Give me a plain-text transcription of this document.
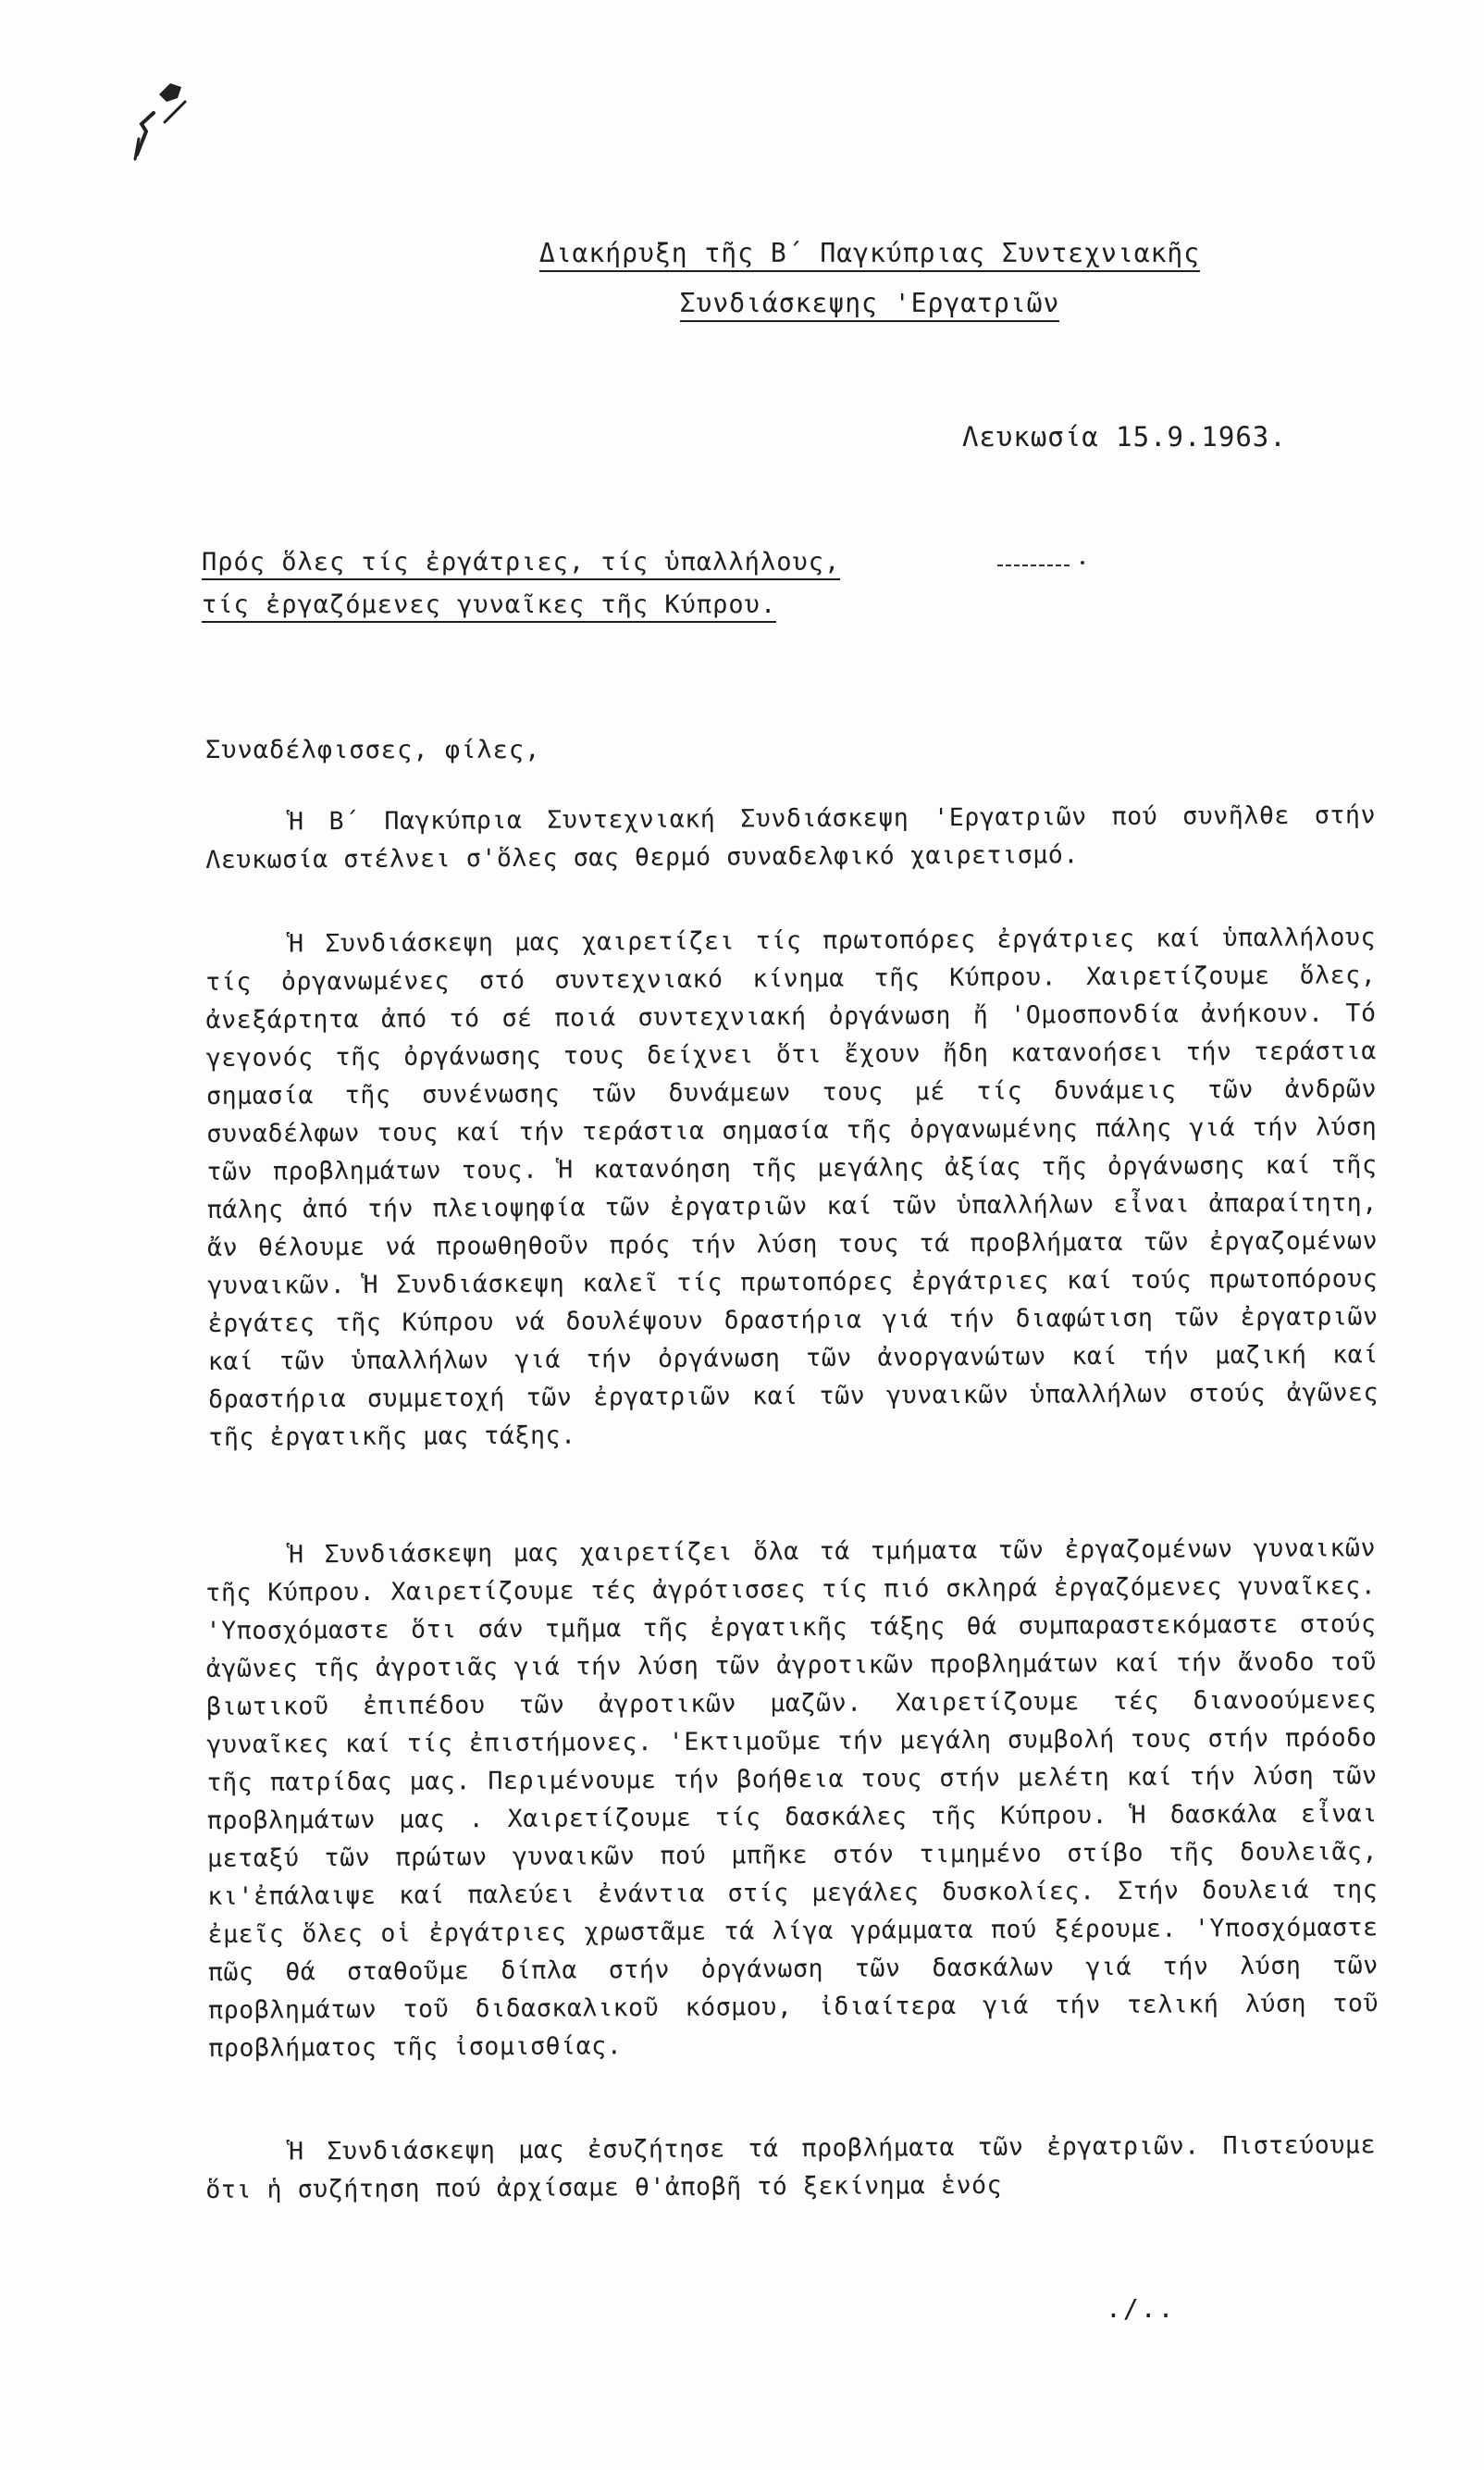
Διακήρυξη τῆς Β΄ Παγκύπριας Συντεχνιακῆς
Συνδιάσκεψης 'Εργατριῶν
Λευκωσία 15.9.1963.
Πρός ὅλες τίς ἐργάτριες, τίς ὑπαλλήλους,
τίς ἐργαζόμενες γυναῖκες τῆς Κύπρου.
Συναδέλφισσες, φίλες,
Ἡ Β΄ Παγκύπρια Συντεχνιακή Συνδιάσκεψη 'Εργατριῶν πού συνῆλθε στήν Λευκωσία στέλνει σ'ὅλες σας θερμό συναδελφικό χαιρετισμό.
Ἡ Συνδιάσκεψη μας χαιρετίζει τίς πρωτοπόρες ἐργάτριες καί ὑπαλλήλους τίς ὀργανωμένες στό συντεχνιακό κίνημα τῆς Κύπρου. Χαιρετίζουμε ὅλες, ἀνεξάρτητα ἀπό τό σέ ποιά συντεχνιακή ὀργάνωση ἤ 'Ομοσπονδία ἀνήκουν. Τό γεγονός τῆς ὀργάνωσης τους δείχνει ὅτι ἔχουν ἤδη κατανοήσει τήν τεράστια σημασία τῆς συνένωσης τῶν δυνάμεων τους μέ τίς δυνάμεις τῶν ἀνδρῶν συναδέλφων τους καί τήν τεράστια σημασία τῆς ὀργανωμένης πάλης γιά τήν λύση τῶν προβλημάτων τους. Ἡ κατανόηση τῆς μεγάλης ἀξίας τῆς ὀργάνωσης καί τῆς πάλης ἀπό τήν πλειοψηφία τῶν ἐργατριῶν καί τῶν ὑπαλλήλων εἶναι ἀπαραίτητη, ἄν θέλουμε νά προωθηθοῦν πρός τήν λύση τους τά προβλήματα τῶν ἐργαζομένων γυναικῶν. Ἡ Συνδιάσκεψη καλεῖ τίς πρωτοπόρες ἐργάτριες καί τούς πρωτοπόρους ἐργάτες τῆς Κύπρου νά δουλέψουν δραστήρια γιά τήν διαφώτιση τῶν ἐργατριῶν καί τῶν ὑπαλλήλων γιά τήν ὀργάνωση τῶν ἀνοργανώτων καί τήν μαζική καί δραστήρια συμμετοχή τῶν ἐργατριῶν καί τῶν γυναικῶν ὑπαλλήλων στούς ἀγῶνες τῆς ἐργατικῆς μας τάξης.
Ἡ Συνδιάσκεψη μας χαιρετίζει ὅλα τά τμήματα τῶν ἐργαζομένων γυναικῶν τῆς Κύπρου. Χαιρετίζουμε τές ἀγρότισσες τίς πιό σκληρά ἐργαζόμενες γυναῖκες. 'Υποσχόμαστε ὅτι σάν τμῆμα τῆς ἐργατικῆς τάξης θά συμπαραστεκόμαστε στούς ἀγῶνες τῆς ἀγροτιᾶς γιά τήν λύση τῶν ἀγροτικῶν προβλημάτων καί τήν ἄνοδο τοῦ βιωτικοῦ ἐπιπέδου τῶν ἀγροτικῶν μαζῶν. Χαιρετίζουμε τές διανοούμενες γυναῖκες καί τίς ἐπιστήμονες. 'Εκτιμοῦμε τήν μεγάλη συμβολή τους στήν πρόοδο τῆς πατρίδας μας. Περιμένουμε τήν βοήθεια τους στήν μελέτη καί τήν λύση τῶν προβλημάτων μας . Χαιρετίζουμε τίς δασκάλες τῆς Κύπρου. Ἡ δασκάλα εἶναι μεταξύ τῶν πρώτων γυναικῶν πού μπῆκε στόν τιμημένο στίβο τῆς δουλειᾶς, κι'ἐπάλαιψε καί παλεύει ἐνάντια στίς μεγάλες δυσκολίες. Στήν δουλειά της ἐμεῖς ὅλες οἱ ἐργάτριες χρωστᾶμε τά λίγα γράμματα πού ξέρουμε. 'Υποσχόμαστε πῶς θά σταθοῦμε δίπλα στήν ὀργάνωση τῶν δασκάλων γιά τήν λύση τῶν προβλημάτων τοῦ διδασκαλικοῦ κόσμου, ἰδιαίτερα γιά τήν τελική λύση τοῦ προβλήματος τῆς ἰσομισθίας.
Ἡ Συνδιάσκεψη μας ἐσυζήτησε τά προβλήματα τῶν ἐργατριῶν. Πιστεύουμε ὅτι ἡ συζήτηση πού ἀρχίσαμε θ'ἀποβῆ τό ξεκίνημα ἑνός
./..
